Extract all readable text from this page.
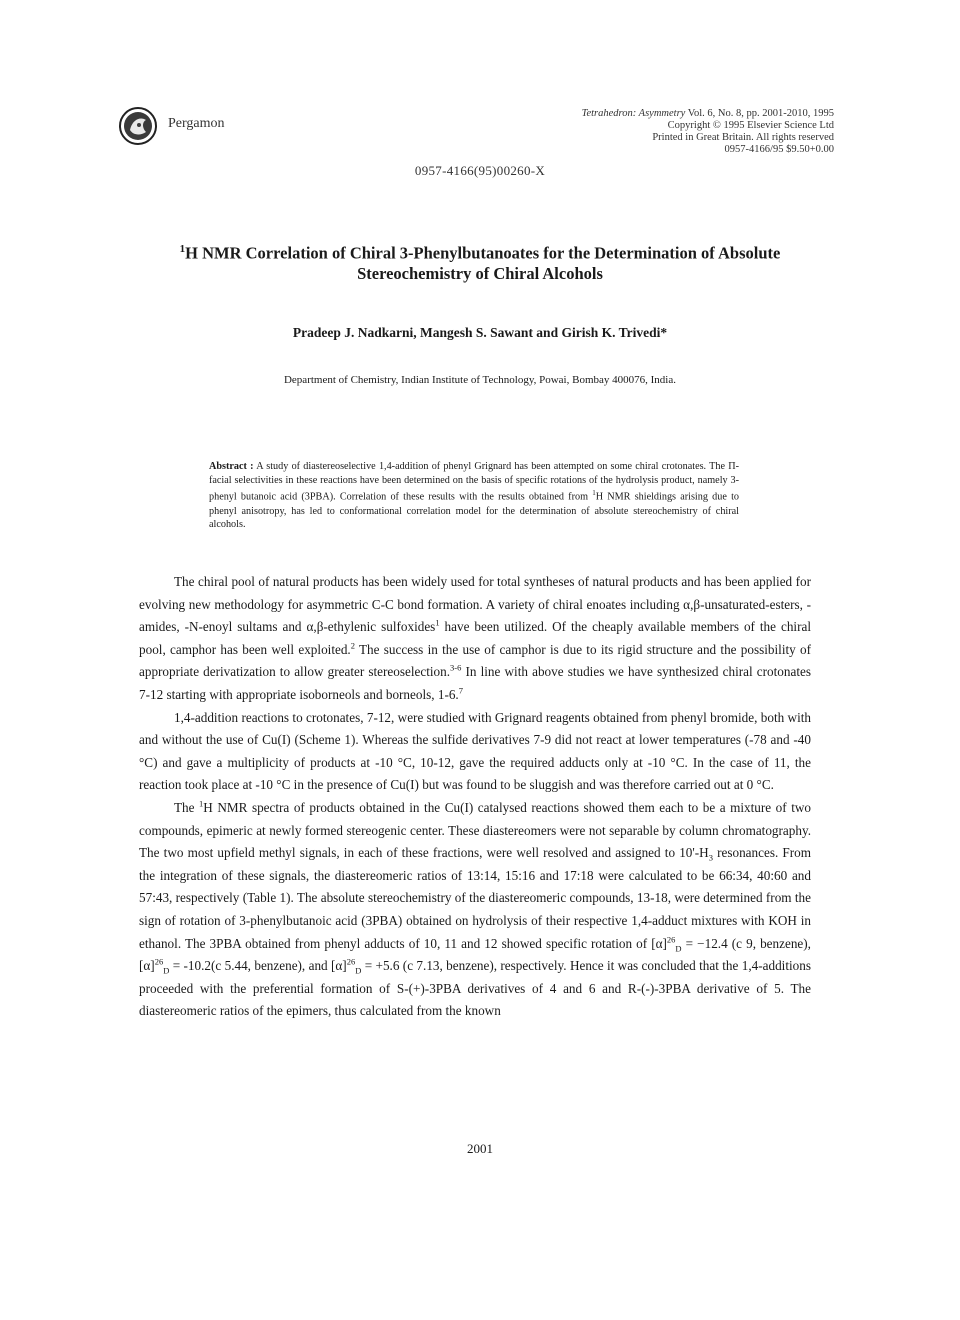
Pergamon
Tetrahedron: Asymmetry Vol. 6, No. 8, pp. 2001-2010, 1995
Copyright © 1995 Elsevier Science Ltd
Printed in Great Britain. All rights reserved
0957-4166/95 $9.50+0.00
0957-4166(95)00260-X
$^1$H NMR Correlation of Chiral 3-Phenylbutanoates for the Determination of Absolute Stereochemistry of Chiral Alcohols
Pradeep J. Nadkarni, Mangesh S. Sawant and Girish K. Trivedi*
Department of Chemistry, Indian Institute of Technology, Powai, Bombay 400076, India.
Abstract : A study of diastereoselective 1,4-addition of phenyl Grignard has been attempted on some chiral crotonates. The Π-facial selectivities in these reactions have been determined on the basis of specific rotations of the hydrolysis product, namely 3-phenyl butanoic acid (3PBA). Correlation of these results with the results obtained from $^1$H NMR shieldings arising due to phenyl anisotropy, has led to conformational correlation model for the determination of absolute stereochemistry of chiral alcohols.

The chiral pool of natural products has been widely used for total syntheses of natural products and has been applied for evolving new methodology for asymmetric C-C bond formation. A variety of chiral enoates including α,β-unsaturated-esters, -amides, -N-enoyl sultams and α,β-ethylenic sulfoxides$^1$ have been utilized. Of the cheaply available members of the chiral pool, camphor has been well exploited.$^2$ The success in the use of camphor is due to its rigid structure and the possibility of appropriate derivatization to allow greater stereoselection.$^{3-6}$ In line with above studies we have synthesized chiral crotonates 7-12 starting with appropriate isoborneols and borneols, 1-6.$^7$

1,4-addition reactions to crotonates, 7-12, were studied with Grignard reagents obtained from phenyl bromide, both with and without the use of Cu(I) (Scheme 1). Whereas the sulfide derivatives 7-9 did not react at lower temperatures (-78 and -40 °C) and gave a multiplicity of products at -10 °C, 10-12, gave the required adducts only at -10 °C. In the case of 11, the reaction took place at -10 °C in the presence of Cu(I) but was found to be sluggish and was therefore carried out at 0 °C.

The $^1$H NMR spectra of products obtained in the Cu(I) catalysed reactions showed them each to be a mixture of two compounds, epimeric at newly formed stereogenic center. These diastereomers were not separable by column chromatography. The two most upfield methyl signals, in each of these fractions, were well resolved and assigned to $10'-H_3$ resonances. From the integration of these signals, the diastereomeric ratios of 13:14, 15:16 and 17:18 were calculated to be 66:34, 40:60 and 57:43, respectively (Table 1). The absolute stereochemistry of the diastereomeric compounds, 13-18, were determined from the sign of rotation of 3-phenylbutanoic acid (3PBA) obtained on hydrolysis of their respective 1,4-adduct mixtures with KOH in ethanol. The 3PBA obtained from phenyl adducts of 10, 11 and 12 showed specific rotation of $[\alpha]^{26}_D = -12.4$ (c 9, benzene), $[\alpha]^{26}_D = -10.2(c$ 5.44, benzene), and $[\alpha]^{26}_D = +5.6$ (c 7.13, benzene), respectively. Hence it was concluded that the 1,4-additions proceeded with the preferential formation of S-(+)-3PBA derivatives of 4 and 6 and R-(-)-3PBA derivative of 5. The diastereomeric ratios of the epimers, thus calculated from the known

2001
